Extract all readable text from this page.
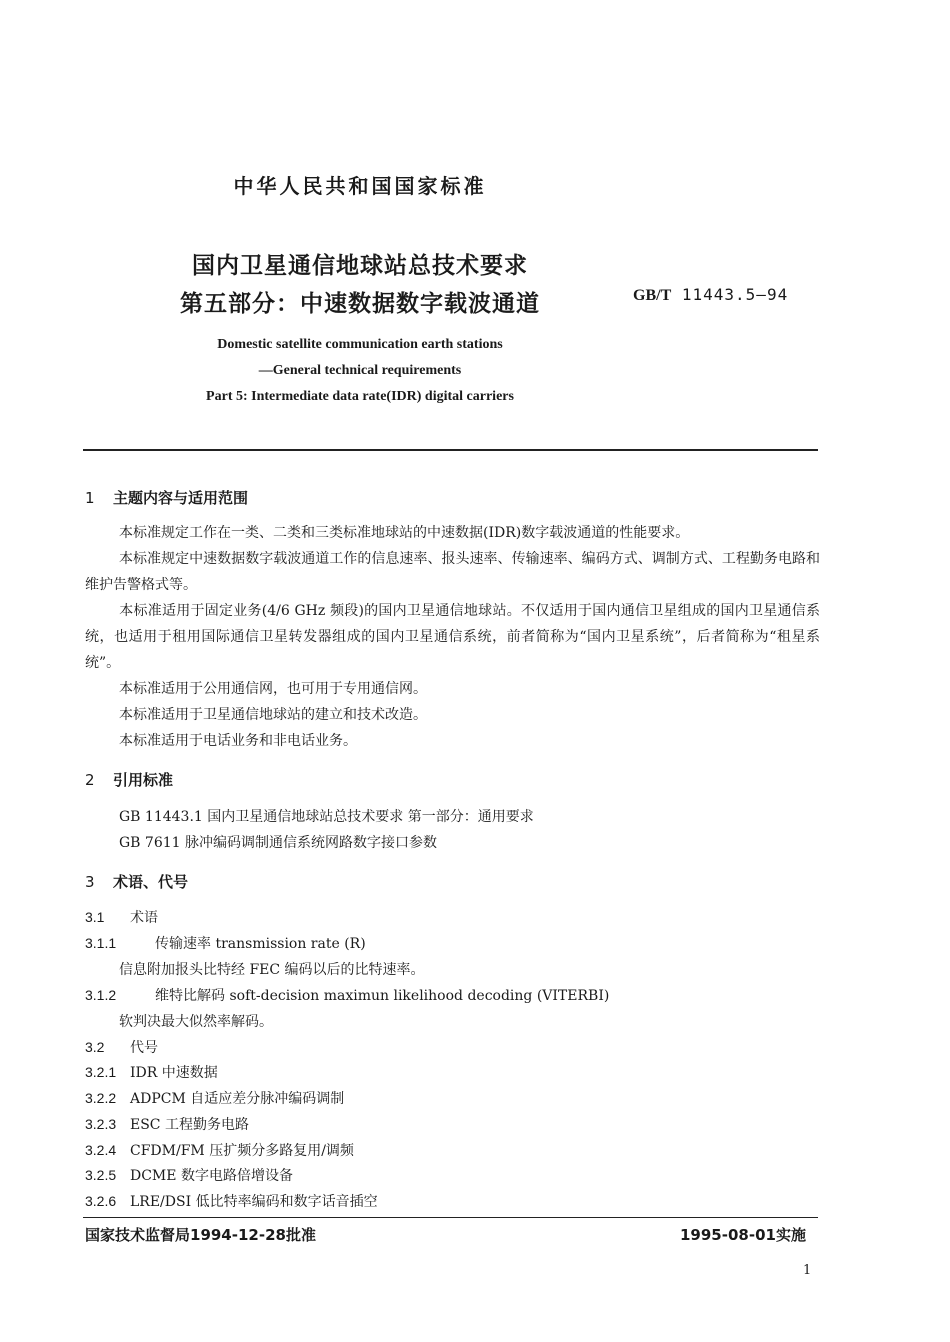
中华人民共和国国家标准
国内卫星通信地球站总技术要求
第五部分：中速数据数字载波通道	GB/T 11443.5—94
Domestic satellite communication earth stations
—General technical requirements
Part 5: Intermediate data rate(IDR) digital carriers
1 主题内容与适用范围
本标准规定工作在一类、二类和三类标准地球站的中速数据(IDR)数字载波通道的性能要求。
本标准规定中速数据数字载波通道工作的信息速率、报头速率、传输速率、编码方式、调制方式、工程勤务电路和维护告警格式等。
本标准适用于固定业务(4/6 GHz 频段)的国内卫星通信地球站。不仅适用于国内通信卫星组成的国内卫星通信系统，也适用于租用国际通信卫星转发器组成的国内卫星通信系统，前者简称为“国内卫星系统”，后者简称为“租星系统”。
本标准适用于公用通信网，也可用于专用通信网。
本标准适用于卫星通信地球站的建立和技术改造。
本标准适用于电话业务和非电话业务。
2 引用标准
GB 11443.1 国内卫星通信地球站总技术要求 第一部分：通用要求
GB 7611 脉冲编码调制通信系统网路数字接口参数
3 术语、代号
3.1 术语
3.1.1	传输速率 transmission rate (R)
信息附加报头比特经 FEC 编码以后的比特速率。
3.1.2	维特比解码 soft-decision maximun likelihood decoding (VITERBI)
软判决最大似然率解码。
3.2 代号
3.2.1 IDR 中速数据
3.2.2 ADPCM 自适应差分脉冲编码调制
3.2.3 ESC 工程勤务电路
3.2.4 CFDM/FM 压扩频分多路复用/调频
3.2.5 DCME 数字电路倍增设备
3.2.6 LRE/DSI 低比特率编码和数字话音插空
国家技术监督局1994-12-28批准	1995-08-01实施
1
